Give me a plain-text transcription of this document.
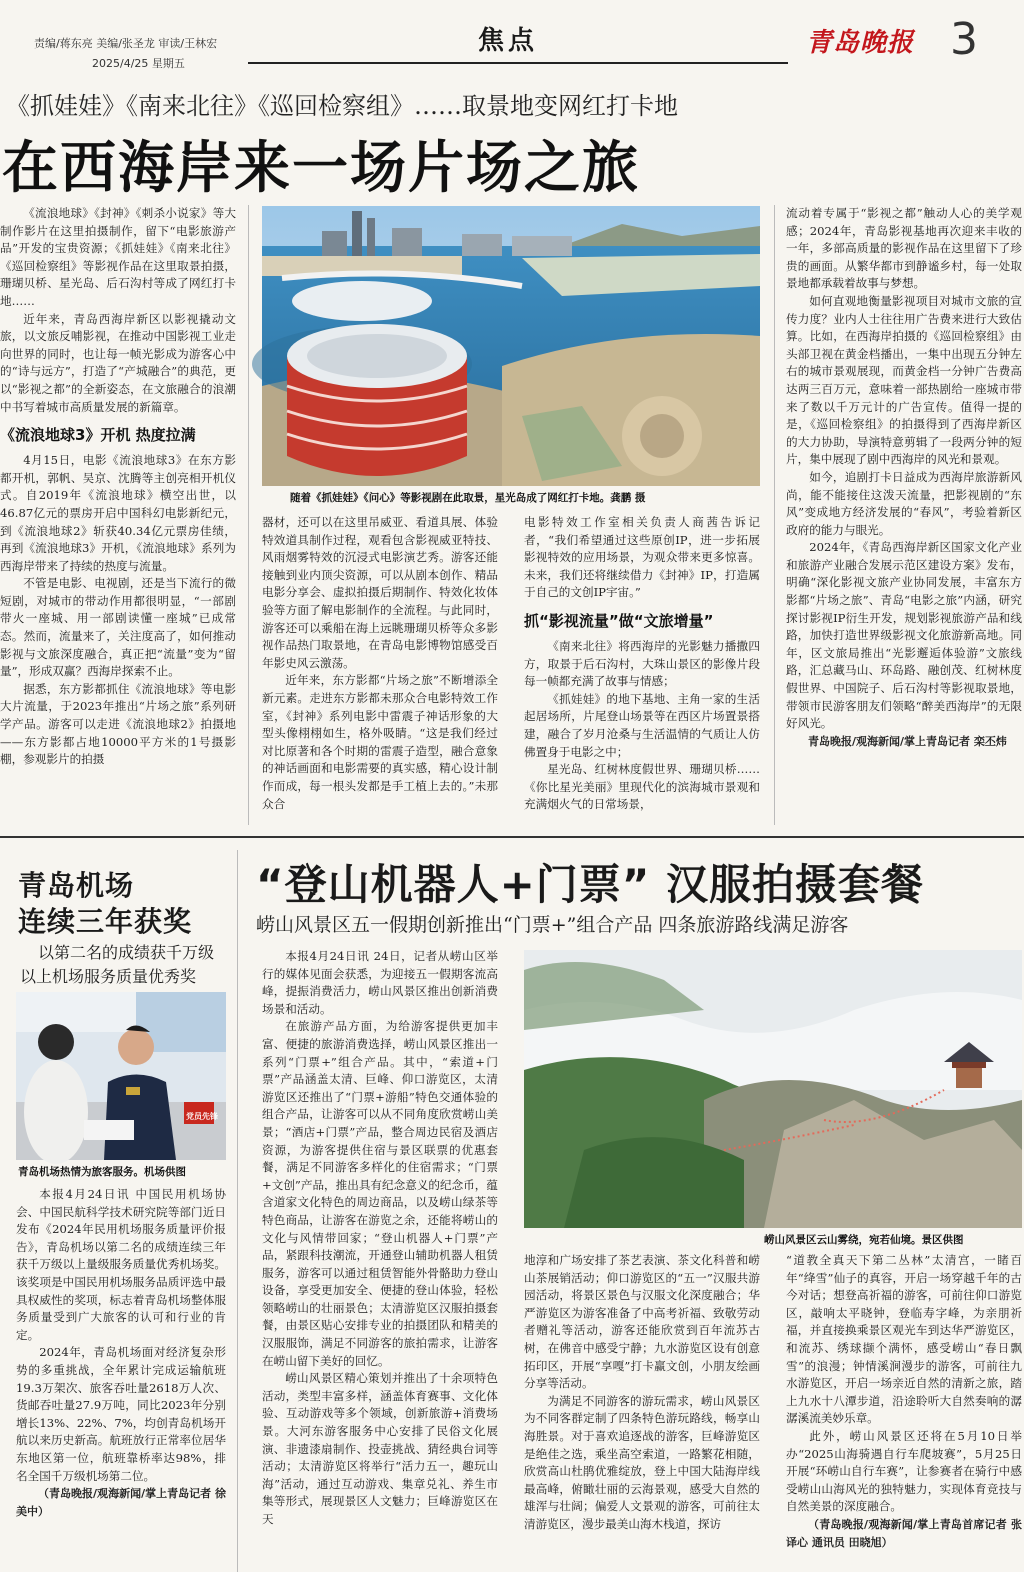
责编/蒋东亮 美编/张圣龙 审读/王林宏
2025/4/25 星期五
焦点	青岛晚报 3
《抓娃娃》《南来北往》《巡回检察组》……取景地变网红打卡地
在西海岸来一场片场之旅

《流浪地球》《封神》《刺杀小说家》等大制作影片在这里拍摄制作，留下“电影旅游产品”开发的宝贵资源；《抓娃娃》《南来北往》《巡回检察组》等影视作品在这里取景拍摄，珊瑚贝桥、星光岛、后石沟村等成了网红打卡地……

近年来，青岛西海岸新区以影视撬动文旅，以文旅反哺影视，在推动中国影视工业走向世界的同时，也让每一帧光影成为游客心中的“诗与远方”，打造了“产城融合”的典范，更以“影视之都”的全新姿态，在文旅融合的浪潮中书写着城市高质量发展的新篇章。

《流浪地球3》开机 热度拉满

4月15日，电影《流浪地球3》在东方影都开机，郭帆、吴京、沈腾等主创亮相开机仪式。自2019年《流浪地球》横空出世，以46.87亿元的票房开启中国科幻电影新纪元，到《流浪地球2》斩获40.34亿元票房佳绩，再到《流浪地球3》开机，《流浪地球》系列为西海岸带来了持续的热度与流量。

不管是电影、电视剧，还是当下流行的微短剧，对城市的带动作用都很明显，“一部剧带火一座城、用一部剧读懂一座城”已成常态。然而，流量来了，关注度高了，如何推动影视与文旅深度融合，真正把“流量”变为“留量”，形成双赢？西海岸探索不止。

据悉，东方影都抓住《流浪地球》等电影大片流量，于2023年推出“片场之旅”系列研学产品。游客可以走进《流浪地球2》拍摄地——东方影都占地10000平方米的1号摄影棚，参观影片的拍摄

随着《抓娃娃》《问心》等影视剧在此取景，星光岛成了网红打卡地。龚鹏 摄

器材，还可以在这里吊威亚、看道具展、体验特效道具制作过程，观看包含影视威亚特技、风雨烟雾特效的沉浸式电影演艺秀。游客还能接触到业内顶尖资源，可以从剧本创作、精品电影分享会、虚拟拍摄后期制作、特效化妆体验等方面了解电影制作的全流程。与此同时，游客还可以乘船在海上远眺珊瑚贝桥等众多影视作品热门取景地，在青岛电影博物馆感受百年影史风云激荡。

近年来，东方影都“片场之旅”不断增添全新元素。走进东方影都未那众合电影特效工作室，《封神》系列电影中雷震子神话形象的大型头像栩栩如生，格外吸睛。“这是我们经过对比原著和各个时期的雷震子造型，融合意象的神话画面和电影需要的真实感，精心设计制作而成，每一根头发都是手工植上去的。”未那众合

电影特效工作室相关负责人商茜告诉记者，“我们希望通过这些原创IP，进一步拓展影视特效的应用场景，为观众带来更多惊喜。未来，我们还将继续借力《封神》IP，打造属于自己的文创IP宇宙。”

抓“影视流量”做“文旅增量”

《南来北往》将西海岸的光影魅力播撒四方，取景于后石沟村，大珠山景区的影像片段每一帧都充满了故事与情感；

《抓娃娃》的地下基地、主角一家的生活起居场所，片尾登山场景等在西区片场置景搭建，融合了岁月沧桑与生活温情的气质让人仿佛置身于电影之中；

星光岛、红树林度假世界、珊瑚贝桥……《你比星光美丽》里现代化的滨海城市景观和充满烟火气的日常场景，

流动着专属于“影视之都”触动人心的美学观感；2024年，青岛影视基地再次迎来丰收的一年，多部高质量的影视作品在这里留下了珍贵的画面。从繁华都市到静谧乡村，每一处取景地都承载着故事与梦想。

如何直观地衡量影视项目对城市文旅的宣传力度？业内人士往往用广告费来进行大致估算。比如，在西海岸拍摄的《巡回检察组》由头部卫视在黄金档播出，一集中出现五分钟左右的城市景观展现，而黄金档一分钟广告费高达两三百万元，意味着一部热剧给一座城市带来了数以千万元计的广告宣传。值得一提的是，《巡回检察组》的拍摄得到了西海岸新区的大力协助，导演特意剪辑了一段两分钟的短片，集中展现了剧中西海岸的风光和景观。

如今，追剧打卡日益成为西海岸旅游新风尚，能不能接住这泼天流量，把影视剧的“东风”变成地方经济发展的“春风”，考验着新区政府的能力与眼光。

2024年，《青岛西海岸新区国家文化产业和旅游产业融合发展示范区建设方案》发布，明确“深化影视文旅产业协同发展，丰富东方影都“片场之旅”、青岛“电影之旅”内涵，研究探讨影视IP衍生开发，规划影视旅游产品和线路，加快打造世界级影视文化旅游新高地。同年，区文旅局推出“光影邂逅体验游”文旅线路，汇总藏马山、环岛路、融创茂、红树林度假世界、中国院子、后石沟村等影视取景地，带领市民游客朋友们领略“醉美西海岸”的无限好风光。

青岛晚报/观海新闻/掌上青岛记者 栾丕炜

青岛机场
连续三年获奖
以第二名的成绩获千万级
以上机场服务质量优秀奖
党员先锋
青岛机场热情为旅客服务。机场供图

本报4月24日讯 中国民用机场协会、中国民航科学技术研究院等部门近日发布《2024年民用机场服务质量评价报告》，青岛机场以第二名的成绩连续三年获千万级以上量级服务质量优秀机场奖。该奖项是中国民用机场服务品质评选中最具权威性的奖项，标志着青岛机场整体服务质量受到广大旅客的认可和行业的肯定。

2024年，青岛机场面对经济复杂形势的多重挑战，全年累计完成运输航班19.3万架次、旅客吞吐量2618万人次、货邮吞吐量27.9万吨，同比2023年分别增长13%、22%、7%，均创青岛机场开航以来历史新高。航班放行正常率位居华东地区第一位，航班靠桥率达98%，排名全国千万级机场第二位。

（青岛晚报/观海新闻/掌上青岛记者 徐美中）

“登山机器人+门票” 汉服拍摄套餐
崂山风景区五一假期创新推出“门票+”组合产品 四条旅游路线满足游客

本报4月24日讯 24日，记者从崂山区举行的媒体见面会获悉，为迎接五一假期客流高峰，提振消费活力，崂山风景区推出创新消费场景和活动。

在旅游产品方面，为给游客提供更加丰富、便捷的旅游消费选择，崂山风景区推出一系列“门票+”组合产品。其中，“索道+门票”产品涵盖太清、巨峰、仰口游览区，太清游览区还推出了“门票+游船”特色交通体验的组合产品，让游客可以从不同角度欣赏崂山美景；“酒店+门票”产品，整合周边民宿及酒店资源，为游客提供住宿与景区联票的优惠套餐，满足不同游客多样化的住宿需求；“门票+文创”产品，推出具有纪念意义的纪念币，蕴含道家文化特色的周边商品，以及崂山绿茶等特色商品，让游客在游览之余，还能将崂山的文化与风情带回家；“登山机器人+门票”产品，紧跟科技潮流，开通登山辅助机器人租赁服务，游客可以通过租赁智能外骨骼助力登山设备，享受更加安全、便捷的登山体验，轻松领略崂山的壮丽景色；太清游览区汉服拍摄套餐，由景区贴心安排专业的拍摄团队和精美的汉服服饰，满足不同游客的旅拍需求，让游客在崂山留下美好的回忆。

崂山风景区精心策划并推出了十余项特色活动，类型丰富多样，涵盖体育赛事、文化体验、互动游戏等多个领域，创新旅游+消费场景。大河东游客服务中心安排了民俗文化展演、非遗漆扇制作、投壶挑战、猜经典台词等活动；太清游览区将举行“活力五一，趣玩山海”活动，通过互动游戏、集章兑礼、养生市集等形式，展现景区人文魅力；巨峰游览区在天

崂山风景区云山雾绕，宛若仙境。景区供图

地淳和广场安排了茶艺表演、茶文化科普和崂山茶展销活动；仰口游览区的“五一”汉服共游园活动，将景区景色与汉服文化深度融合；华严游览区为游客准备了中高考祈福、致敬劳动者赠礼等活动，游客还能欣赏到百年流苏古树，在佛音中感受宁静；九水游览区设有创意拓印区，开展“享嘎”打卡赢文创，小朋友绘画分享等活动。

为满足不同游客的游玩需求，崂山风景区为不同客群定制了四条特色游玩路线，畅享山海胜景。对于喜欢追逐战的游客，巨峰游览区是绝佳之选，乘坐高空索道，一路繁花相随，欣赏高山杜鹃优雅绽放，登上中国大陆海岸线最高峰，俯瞰壮丽的云海景观，感受大自然的雄浑与壮阔；偏爱人文景观的游客，可前往太清游览区，漫步最美山海木栈道，探访

“道教全真天下第二丛林”太清宫，一睹百年“绛雪”仙子的真容，开启一场穿越千年的古今对话；想登高祈福的游客，可前往仰口游览区，敲响太平晓钟，登临寿字峰，为亲朋祈福，并直接换乘景区观光车到达华严游览区，和流苏、绣球撷个满怀，感受崂山“春日飘雪”的浪漫；钟情溪涧漫步的游客，可前往九水游览区，开启一场亲近自然的清新之旅，踏上九水十八潭步道，沿途聆听大自然奏响的潺潺溪流美妙乐章。

此外，崂山风景区还将在5月10日举办“2025山海骑遇自行车爬坡赛”，5月25日开展“环崂山自行车赛”，让参赛者在骑行中感受崂山山海风光的独特魅力，实现体育竞技与自然美景的深度融合。

（青岛晚报/观海新闻/掌上青岛首席记者 张译心 通讯员 田晓旭）
